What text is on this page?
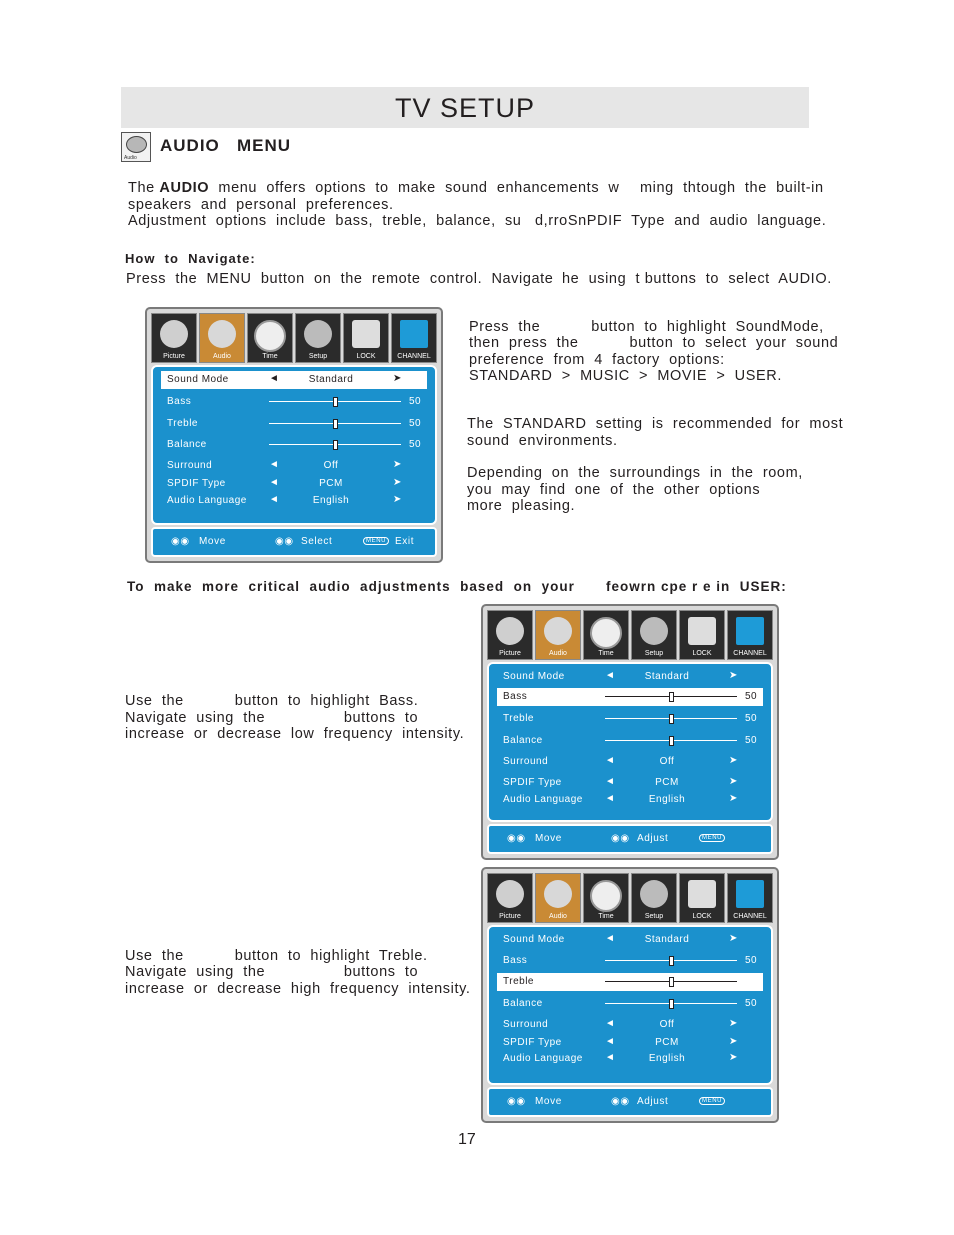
TV SETUP
Audio
AUDIO   MENU
The AUDIO  menu  offers  options  to  make  sound  enhancements  w ming  thtough  the  built-in
speakers  and  personal  preferences.
Adjustment  options  include  bass,  treble,  balance,  su d,rroSnPDIF  Type  and  audio  language.
How  to  Navigate:
Press  the  MENU  button  on  the  remote  control.  Navigate he  using  t buttons  to  select  AUDIO.
Picture	Audio	Time	Setup	LOCK	CHANNEL
Sound Mode	◄	Standard	➤
Bass	50
Treble	50
Balance	50
Surround	◄	Off	➤
SPDIF Type	◄	PCM	➤
Audio Language ◄	English	➤
◉◉ Move	◉◉ Select	MENU Exit
Press  the           button  to  highlight  SoundMode,
then  press  the           button  to  select  your  sound
preference  from  4  factory  options:
STANDARD  >  MUSIC  >  MOVIE  >  USER.
The  STANDARD  setting  is  recommended  for  most
sound  environments.
Depending  on  the  surroundings  in  the  room,
you  may  find  one  of  the  other  options
more  pleasing.
To  make  more  critical  audio  adjustments  based  on  your feowrn cpe r e in  USER:
Picture	Audio	Time	Setup	LOCK	CHANNEL
Sound Mode	◄	Standard	➤
Bass	50
Treble	50
Balance	50
Surround	◄	Off	➤
SPDIF Type	◄	PCM	➤
Audio Language ◄	English	➤
◉◉ Move	◉◉ Adjust	MENU
Use  the           button  to  highlight  Bass.
Navigate  using  the                 buttons  to
increase  or  decrease  low  frequency  intensity.
Picture	Audio	Time	Setup	LOCK	CHANNEL
Sound Mode	◄	Standard	➤
Bass	50
Treble
Balance	50
Surround	◄	Off	➤
SPDIF Type	◄	PCM	➤
Audio Language ◄	English	➤
◉◉ Move	◉◉ Adjust	MENU
Use  the           button  to  highlight  Treble.
Navigate  using  the                 buttons  to
increase  or  decrease  high  frequency  intensity.
17
